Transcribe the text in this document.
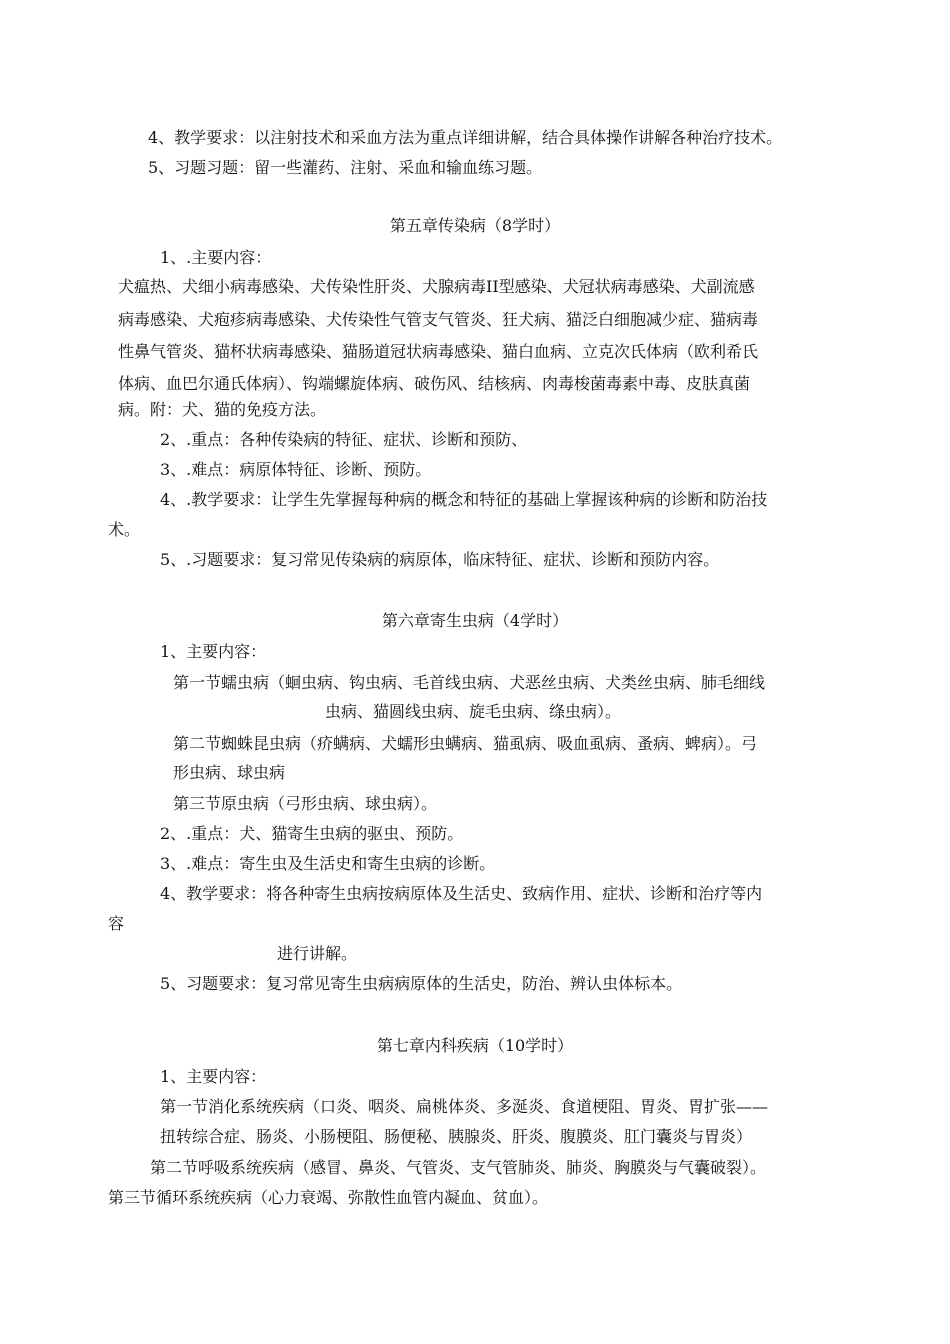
4、教学要求：以注射技术和采血方法为重点详细讲解，结合具体操作讲解各种治疗技术。

5、习题习题：留一些灌药、注射、采血和输血练习题。

第五章传染病（8学时）

1、.主要内容：

犬瘟热、犬细小病毒感染、犬传染性肝炎、犬腺病毒II型感染、犬冠状病毒感染、犬副流感

病毒感染、犬疱疹病毒感染、犬传染性气管支气管炎、狂犬病、猫泛白细胞减少症、猫病毒

性鼻气管炎、猫杯状病毒感染、猫肠道冠状病毒感染、猫白血病、立克次氏体病（欧利希氏

体病、血巴尔通氏体病）、钩端螺旋体病、破伤风、结核病、肉毒梭菌毒素中毒、皮肤真菌

病。附：犬、猫的免疫方法。

2、.重点：各种传染病的特征、症状、诊断和预防、

3、.难点：病原体特征、诊断、预防。

4、.教学要求：让学生先掌握每种病的概念和特征的基础上掌握该种病的诊断和防治技

术。

5、.习题要求：复习常见传染病的病原体，临床特征、症状、诊断和预防内容。

第六章寄生虫病（4学时）

1、主要内容：

第一节蠕虫病（蛔虫病、钩虫病、毛首线虫病、犬恶丝虫病、犬类丝虫病、肺毛细线

虫病、猫圆线虫病、旋毛虫病、绦虫病）。

第二节蜘蛛昆虫病（疥螨病、犬蠕形虫螨病、猫虱病、吸血虱病、蚤病、蜱病）。弓

形虫病、球虫病

第三节原虫病（弓形虫病、球虫病）。

2、.重点：犬、猫寄生虫病的驱虫、预防。

3、.难点：寄生虫及生活史和寄生虫病的诊断。

4、教学要求：将各种寄生虫病按病原体及生活史、致病作用、症状、诊断和治疗等内

容

进行讲解。

5、习题要求：复习常见寄生虫病病原体的生活史，防治、辨认虫体标本。

第七章内科疾病（10学时）

1、主要内容：

第一节消化系统疾病（口炎、咽炎、扁桃体炎、多涎炎、食道梗阻、胃炎、胃扩张——

扭转综合症、肠炎、小肠梗阻、肠便秘、胰腺炎、肝炎、腹膜炎、肛门囊炎与胃炎）

第二节呼吸系统疾病（感冒、鼻炎、气管炎、支气管肺炎、肺炎、胸膜炎与气囊破裂）。

第三节循环系统疾病（心力衰竭、弥散性血管内凝血、贫血）。
